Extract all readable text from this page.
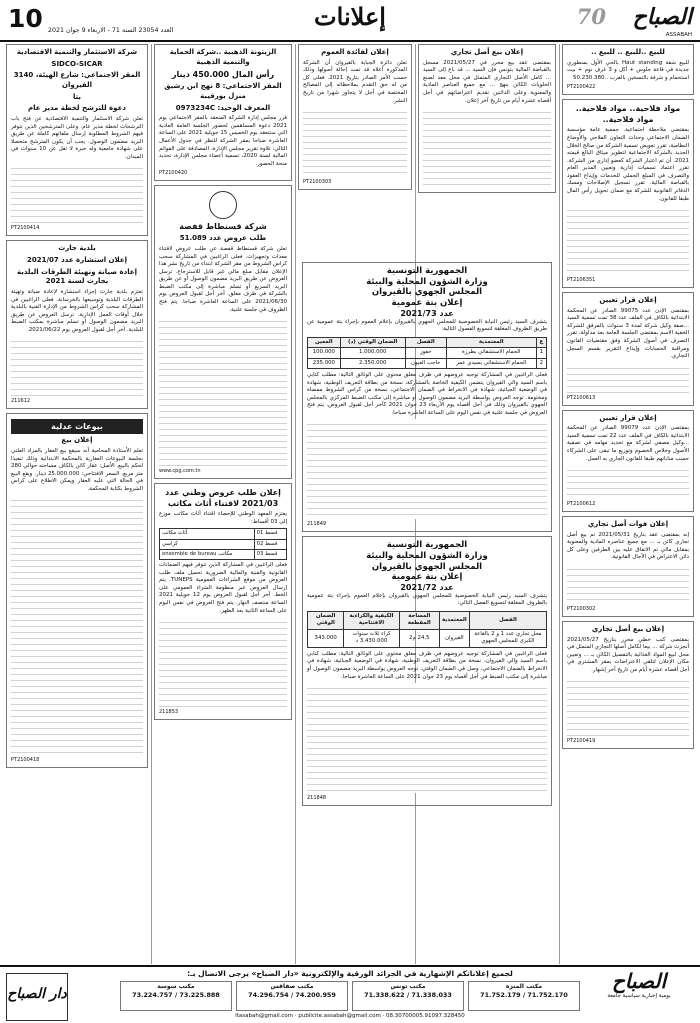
10 العدد 23054 السنة 71 - الاربعاء 9 جوان 2021	إعلانات	الصباح
70
ASSABAH
للبيع ..للبيع .. للبيع ..

للبيع شقة Haut standing بالحي الأول بمنطوري جديدة في قاعة جلوس + أكل و 3 غرف نوم + بيت استحمام و شرفة بالتسخين بالقرب ..50.230.380

PT2100422
مواد فلاحية.. مواد فلاحية.. مواد فلاحية..

بمقتضى ملاحظة اجتماعية. جمعية عامة مؤسسة الضمان الاجتماعي وحدات التعاون الفلاحي والأوضاع النظامية، تقرر تعويض تسمية الشركة من صالح الخلال الجديد بالشركة الاجتماعية لتطوير ميثاق البالغ قيمته 2021. أن تم اعتبار الشركة كعضو إداري من الشركة. تقرر اعتماد تسميات إدارية وتعيين المدير العام والتصرف في المبلغ الجملي للخدمات وإيداع العقود بالقباضة المالية. تقرر تسجيل الإصلاحات ومسك الدفاتر القانونية للشركة مع ضمان تحويل رأس المال طبقا للقانون.

PT2106351
إعلان قرار تعيين

بمقتضى الإذن عدد 99075 الصادر عن المحكمة الابتدائية بالكاف في الملف عدد 38 تمت تسمية السيد ...صفة وكيل شركة لمدة 3 سنوات بالمرفق للشركة الخفية الاسم بمقتضى الجلسة العامة بعد مداولة، تقرر التصرف في أصول الشركة وفق مقتضيات القانون ومراقبة الحسابات وإيداع التقرير بقسم السجل التجاري.

PT2100613
إعلان قرار تعيين

بمقتضى الإذن عدد 99079 الصادر عن المحكمة الابتدائية بالكاف في الملف عدد 22 تمت تسمية السيد ...وكيل مصفي لشركة مع تحديد مهامه في تصفية الأصول وخلاص الخصوم وتوزيع ما تبقى على الشركاء حسب مناباتهم طبقا للقانون الجاري به العمل.

PT2100612
إعلان فوات أصل تجاري

إنه بمقتضى عقد بتاريخ 2021/05/31 تم بيع أصل تجاري كائن بـ ... مع جميع عناصره المادية والمعنوية بمقابل مالي تم الاتفاق عليه بين الطرفين وعلى كل دائن الاعتراض في الآجال القانونية.

PT2100302
إعلان بيع أصل تجاري

بمقتضى كتب خطي محرر بتاريخ 2021/05/27 أنجزت شركة ... بيعا لكامل أصلها التجاري المتمثل في محل لبيع المواد الغذائية بالتفصيل الكائن بـ ... وتعيين مكان الإعلان لتلقي الاعتراضات بمقر المشتري في أجل أقصاه عشرة أيام من تاريخ آخر إشهار.

PT2100419
إعلان بيع أصل تجاري

بمقتضى عقد بيع محرر في 2021/05/27 مسجل بالقباضة المالية بتونس فإن السيد ... قد باع إلى السيد ... كامل الأصل التجاري المتمثل في محل معد لصنع الحلويات الكائن بنهج ... مع جميع العناصر المادية والمعنوية وعلى الدائنين تقديم اعتراضاتهم في أجل أقصاه عشرة أيام من تاريخ آخر إعلان.

إعلان لفائدة العموم

تعلن دائرة الجباية بالقيروان أن الشركة المذكورة أعلاه قد تمت إحالة أصولها وذلك حسب الأمر الصادر بتاريخ 2021. فعلى كل من له حق التقدم بملاحظاته إلى المصالح المختصة في أجل لا يتجاوز شهرا من تاريخ النشر.

PT2100303
الجمهورية التونسية
وزارة الشؤون المحلية والبيئة
المجلس الجهوي بالقيروان
إعلان بتة عمومية
عدد 2021/73

يتشرف السيد رئيس النيابة الخصوصية للمجلس الجهوي بالقيروان بإعلام العموم بإجراء بتة عمومية عن طريق الظروف المغلقة لتسويغ الفصول التالية:

ع	المعتمدية	الفصل	الضمان الوقتي (د)	المعين
1	الحمام الاستشفائي بطرزة	حفوز	1.000.000	100.000
2	الحمام الاستشفائي بسيدي عمر	حاجب العيون	2.350.000	235.000

فعلى الراغبين في المشاركة توجيه عروضهم في ظرف مغلق محتوي على الوثائق التالية: مطلب كتابي باسم السيد والي القيروان يتضمن الكيفية الخاصة بالمشاركة، نسخة من بطاقة التعريف الوطنية، شهادة في الوضعية الجبائية، شهادة في الانخراط في الضمان الاجتماعي، نسخة من كراس الشروط ممضاة ومختومة. توجه العروض بواسطة البريد مضمون الوصول أو مباشرة إلى مكتب الضبط المركزي بالمجلس الجهوي بالقيروان وذلك في أجل أقصاه يوم الأربعاء 23 جوان 2021 كآخر أجل لقبول العروض. يتم فتح العروض في جلسة علنية في نفس اليوم على الساعة العاشرة صباحا.

211849
الجمهورية التونسية
وزارة الشؤون المحلية والبيئة
المجلس الجهوي بالقيروان
إعلان بتة عمومية
عدد 2021/72

يتشرف السيد رئيس النيابة الخصوصية للمجلس الجهوي بالقيروان بإعلام العموم بإجراء بتة عمومية بالظروف المغلقة لتسويغ الفصل التالي:

الفصل	المعتمدية	المساحة المقطعة	الكيفية والكراءية الافتتاحية	الضمان الوقتي
محل تجاري عدد 1 و 2 بالقاعة الكبرى للمجلس الجهوي	القيروان	24.5 م2	كراء ثلاث سنوات 3.430.000 د	343.000

فعلى الراغبين في المشاركة توجيه عروضهم في ظرف مغلق محتوي على الوثائق التالية: مطلب كتابي باسم السيد والي القيروان، نسخة من بطاقة التعريف الوطنية، شهادة في الوضعية الجبائية، شهادة في الانخراط بالضمان الاجتماعي، وصل في الضمان الوقتي. توجه العروض بواسطة البريد مضمون الوصول أو مباشرة إلى مكتب الضبط في أجل أقصاه يوم 23 جوان 2021 على الساعة العاشرة صباحا.

211848
الزيتونة الذهبية ..شركة الحماية والتنمية الذهبية
رأس المال 450.000 دينار
المقر الاجتماعي: 8 نهج ابن رشيق منزل بورقيبة
المعرف الوحيد: 0973234C

قرر مجلس إدارة الشركة المنعقد بالمقر الاجتماعي يوم 2021 دعوة المساهمين لحضور الجلسة العامة العادية التي ستنعقد يوم الخميس 15 جويلية 2021 على الساعة العاشرة صباحا بمقر الشركة للنظر في جدول الأعمال التالي: تلاوة تقرير مجلس الإدارة، المصادقة على القوائم المالية لسنة 2020، تسمية أعضاء مجلس الإدارة، تحديد منحة الحضور.

PT2100420
شركة قسنطاط قفصة
طلب عروض عدد 51.089

تعلن شركة قسنطاط قفصة عن طلب عروض لاقتناء معدات وتجهيزات. فعلى الراغبين في المشاركة سحب كراس الشروط من مقر الشركة ابتداء من تاريخ نشر هذا الإعلان مقابل مبلغ مالي غير قابل للاسترجاع. ترسل العروض عن طريق البريد مضمون الوصول أو عن طريق البريد السريع أو تسلم مباشرة إلى مكتب الضبط بالشركة في ظرف مغلق. آخر أجل لقبول العروض يوم 2021/06/30 على الساعة العاشرة صباحا. يتم فتح الظروف في جلسة علنية.

www.cpg.com.tn
إعلان طلب عروض وطني عدد 2021/03 لاقتناء أثاث مكاتب

يعتزم المعهد الوطني للإحصاء اقتناء أثاث مكاتب موزع إلى 03 أقساط:

أثاث مكاتب	قسط 01
كراسي	قسط 02
ensemble de bureau مكاتب	قسط 03

فعلى الراغبين في المشاركة الذين تتوفر فيهم الضمانات القانونية والفنية والمالية الضرورية تحميل ملف طلب العروض من موقع الشراءات العمومية TUNEPS. يتم إرسال العروض عبر منظومة الشراء العمومي على الخط. آخر أجل لقبول العروض يوم 12 جويلية 2021 الساعة منتصف النهار. يتم فتح العروض في نفس اليوم على الساعة الثانية بعد الظهر.

211853
شركة الاستثمار والتنمية الاقتصادية
SIDCO-SICAR
المقر الاجتماعي: شارع الهيئة، 3140 القيروان
بتا
دعوة للترشح لخطة مدير عام

تعلن شركة الاستثمار والتنمية الاقتصادية عن فتح باب الترشحات لخطة مدير عام. وعلى المترشحين الذين تتوفر فيهم الشروط المطلوبة إرسال ملفاتهم كاملة عن طريق البريد مضمون الوصول. يجب أن يكون المترشح متحصلا على شهادة جامعية وله خبرة لا تقل عن 10 سنوات في الميدان.

PT2100414
بلدية جارث
إعلان استشارة عدد 2021/07
إعادة صيانة وتهيئة الطرقات البلدية بجارث لسنة 2021

تعتزم بلدية جارث إجراء استشارة لإعادة صيانة وتهيئة الطرقات البلدية وتوسيعها بالخرسانة. فعلى الراغبين في المشاركة سحب كراس الشروط من الإدارة الفنية بالبلدية خلال أوقات العمل الإدارية. ترسل العروض عن طريق البريد مضمون الوصول أو تسلم مباشرة بمكتب الضبط للبلدية. آخر أجل لقبول العروض يوم 2021/06/22.

211612
بيوعات عدلية
إعلان بيع

تعلم الأستاذة المحامية أنه سيقع بيع العقار بالمزاد العلني بجلسة البيوعات العقارية بالمحكمة الابتدائية وذلك تنفيذا لحكم بالبيع. الأصل: عقار كائن بالكاف مساحته حوالي 280 متر مربع. السعر الافتتاحي: 25.000.000 دينار. ويقع البيع في الحالة التي عليه العقار ويمكن الاطلاع على كراس الشروط بكتابة المحكمة.

PT2100418
دار الصباح
لجميع إعلاناتكم الإشهارية في الجرائد الورقية والإلكترونية «دار الصباح» يرجى الاتصال بـ:
مكتب المنزه
71.752.170 / 71.752.179
مكتب تونس
71.338.033 / 71.338.622
مكتب صفاقس
74.200.959 / 74.296.754
مكتب سوسة
73.225.888 / 73.224.757
ltasabah@gmail.com · publicite.assabah@gmail.com · 08.30700005.91097.328450
الصباح
يومية إخبارية سياسية جامعة
